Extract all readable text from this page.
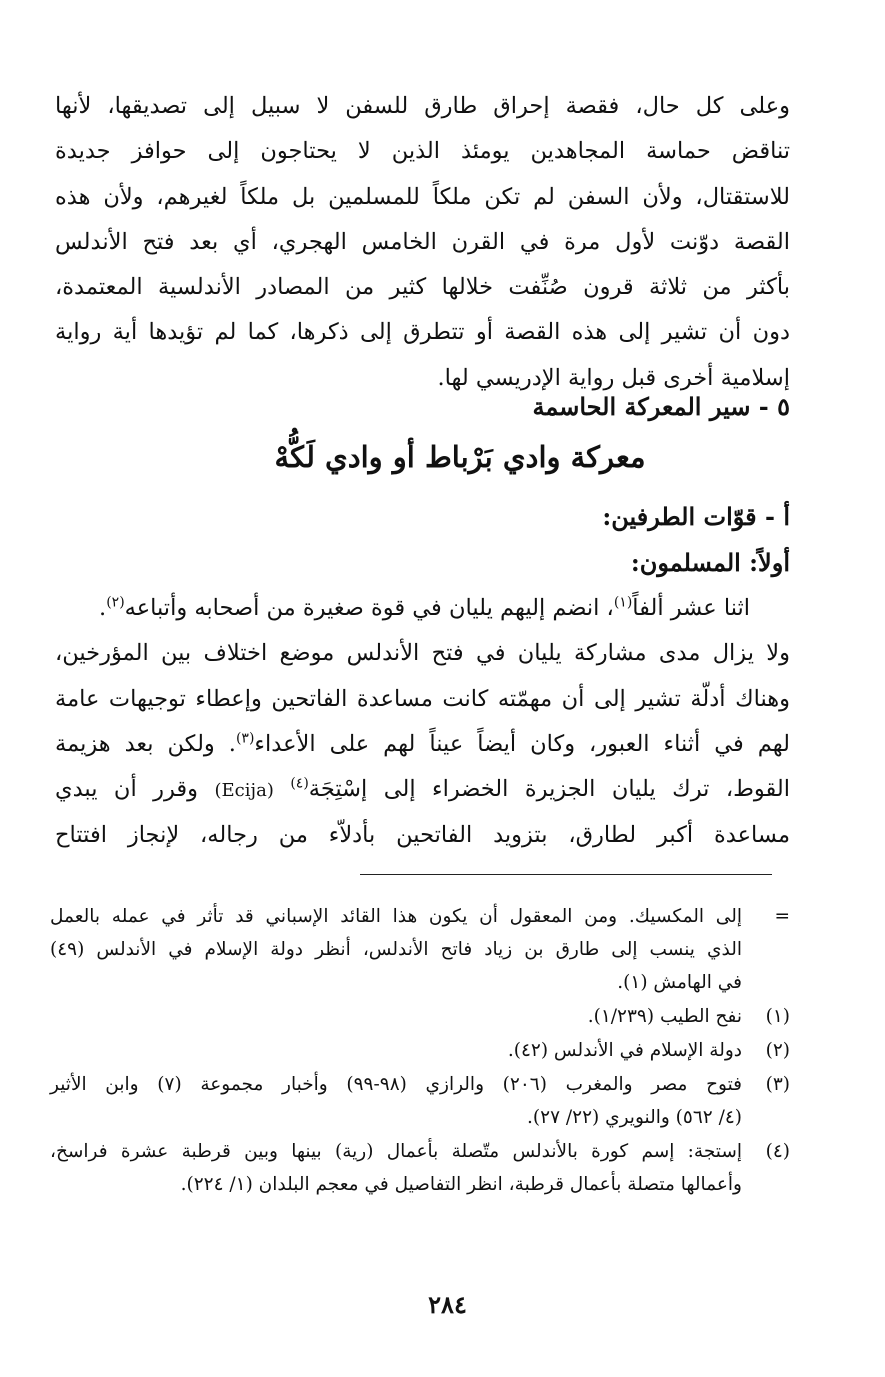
وعلى كل حال، فقصة إحراق طارق للسفن لا سبيل إلى تصديقها، لأنها
تناقض حماسة المجاهدين يومئذ الذين لا يحتاجون إلى حوافز جديدة
للاستقتال، ولأن السفن لم تكن ملكاً للمسلمين بل ملكاً لغيرهم، ولأن هذه
القصة دوّنت لأول مرة في القرن الخامس الهجري، أي بعد فتح الأندلس
بأكثر من ثلاثة قرون صُنِّفت خلالها كثير من المصادر الأندلسية المعتمدة،
دون أن تشير إلى هذه القصة أو تتطرق إلى ذكرها، كما لم تؤيدها أية رواية
إسلامية أخرى قبل رواية الإدريسي لها.

٥ - سير المعركة الحاسمة
معركة وادي بَرْباط أو وادي لَكُّهْ
أ - قوّات الطرفين:
أولاً: المسلمون:

اثنا عشر ألفاً$^{(١)}$، انضم إليهم يليان في قوة صغيرة من أصحابه وأتباعه$^{(٢)}$.
ولا يزال مدى مشاركة يليان في فتح الأندلس موضع اختلاف بين المؤرخين،
وهناك أدلّة تشير إلى أن مهمّته كانت مساعدة الفاتحين وإعطاء توجيهات عامة
لهم في أثناء العبور، وكان أيضاً عيناً لهم على الأعداء$^{(٣)}$. ولكن بعد هزيمة
القوط، ترك يليان الجزيرة الخضراء إلى إسْتِجَة$^{(٤)}$ (Ecija) وقرر أن يبدي
مساعدة أكبر لطارق، بتزويد الفاتحين بأدلاّء من رجاله، لإنجاز افتتاح

=
إلى المكسيك. ومن المعقول أن يكون هذا القائد الإسباني قد تأثر في عمله بالعمل
الذي ينسب إلى طارق بن زياد فاتح الأندلس، أنظر دولة الإسلام في الأندلس (٤٩)
في الهامش (١).
(١)
نفح الطيب (١/٢٣٩).
(٢)
دولة الإسلام في الأندلس (٤٢).
(٣)
فتوح مصر والمغرب (٢٠٦) والرازي (٩٨-٩٩) وأخبار مجموعة (٧) وابن الأثير
(٤/ ٥٦٢) والنويري (٢٢/ ٢٧).
(٤)
إستجة: إسم كورة بالأندلس متّصلة بأعمال (رية) بينها وبين قرطبة عشرة فراسخ،
وأعمالها متصلة بأعمال قرطبة، انظر التفاصيل في معجم البلدان (١/ ٢٢٤).
٢٨٤
